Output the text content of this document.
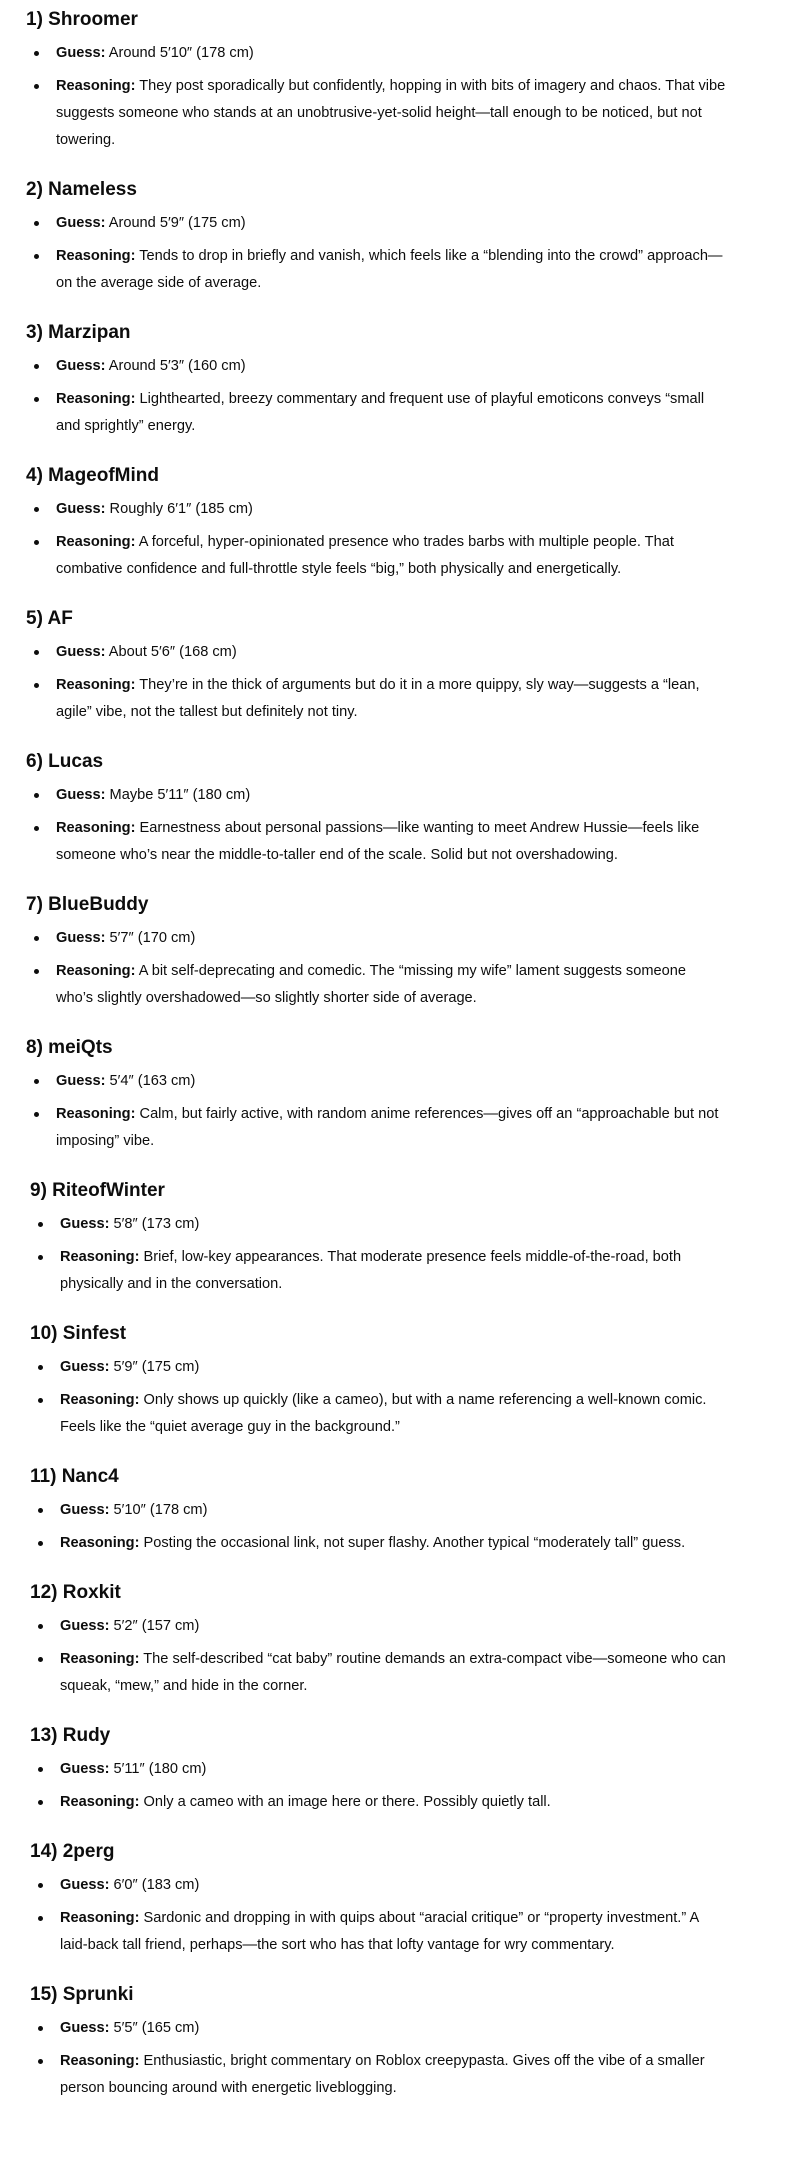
1) Shroomer
Guess: Around 5′10″ (178 cm)
Reasoning: They post sporadically but confidently, hopping in with bits of imagery and chaos. That vibe suggests someone who stands at an unobtrusive-yet-solid height—tall enough to be noticed, but not towering.
2) Nameless
Guess: Around 5′9″ (175 cm)
Reasoning: Tends to drop in briefly and vanish, which feels like a “blending into the crowd” approach—on the average side of average.
3) Marzipan
Guess: Around 5′3″ (160 cm)
Reasoning: Lighthearted, breezy commentary and frequent use of playful emoticons conveys “small and sprightly” energy.
4) MageofMind
Guess: Roughly 6′1″ (185 cm)
Reasoning: A forceful, hyper-opinionated presence who trades barbs with multiple people. That combative confidence and full-throttle style feels “big,” both physically and energetically.
5) AF
Guess: About 5′6″ (168 cm)
Reasoning: They’re in the thick of arguments but do it in a more quippy, sly way—suggests a “lean, agile” vibe, not the tallest but definitely not tiny.
6) Lucas
Guess: Maybe 5′11″ (180 cm)
Reasoning: Earnestness about personal passions—like wanting to meet Andrew Hussie—feels like someone who’s near the middle-to-taller end of the scale. Solid but not overshadowing.
7) BlueBuddy
Guess: 5′7″ (170 cm)
Reasoning: A bit self-deprecating and comedic. The “missing my wife” lament suggests someone who’s slightly overshadowed—so slightly shorter side of average.
8) meiQts
Guess: 5′4″ (163 cm)
Reasoning: Calm, but fairly active, with random anime references—gives off an “approachable but not imposing” vibe.
9) RiteofWinter
Guess: 5′8″ (173 cm)
Reasoning: Brief, low-key appearances. That moderate presence feels middle-of-the-road, both physically and in the conversation.
10) Sinfest
Guess: 5′9″ (175 cm)
Reasoning: Only shows up quickly (like a cameo), but with a name referencing a well-known comic. Feels like the “quiet average guy in the background.”
11) Nanc4
Guess: 5′10″ (178 cm)
Reasoning: Posting the occasional link, not super flashy. Another typical “moderately tall” guess.
12) Roxkit
Guess: 5′2″ (157 cm)
Reasoning: The self-described “cat baby” routine demands an extra-compact vibe—someone who can squeak, “mew,” and hide in the corner.
13) Rudy
Guess: 5′11″ (180 cm)
Reasoning: Only a cameo with an image here or there. Possibly quietly tall.
14) 2perg
Guess: 6′0″ (183 cm)
Reasoning: Sardonic and dropping in with quips about “aracial critique” or “property investment.” A laid-back tall friend, perhaps—the sort who has that lofty vantage for wry commentary.
15) Sprunki
Guess: 5′5″ (165 cm)
Reasoning: Enthusiastic, bright commentary on Roblox creepypasta. Gives off the vibe of a smaller person bouncing around with energetic liveblogging.
